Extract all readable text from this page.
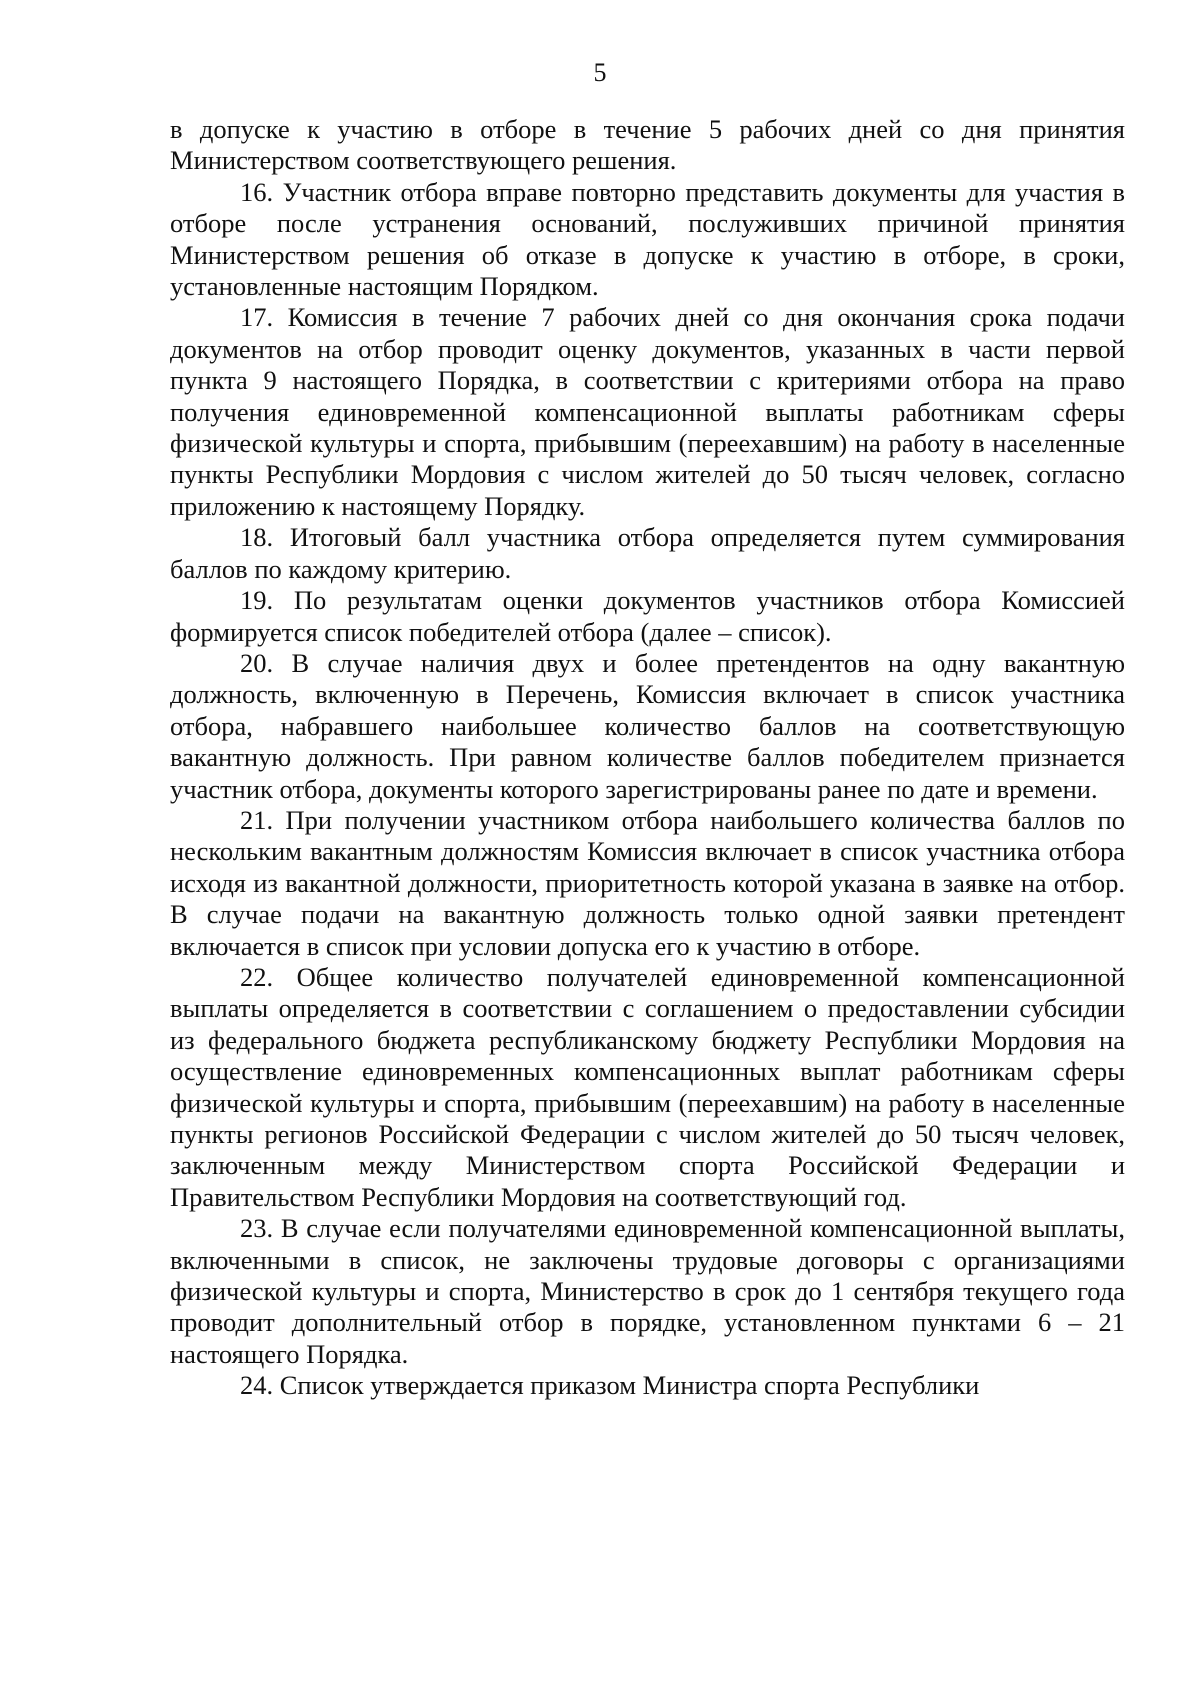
5

в допуске к участию в отборе в течение 5 рабочих дней со дня принятия Министерством соответствующего решения.

16. Участник отбора вправе повторно представить документы для участия в отборе после устранения оснований, послуживших причиной принятия Министерством решения об отказе в допуске к участию в отборе, в сроки, установленные настоящим Порядком.

17. Комиссия в течение 7 рабочих дней со дня окончания срока подачи документов на отбор проводит оценку документов, указанных в части первой пункта 9 настоящего Порядка, в соответствии с критериями отбора на право получения единовременной компенсационной выплаты работникам сферы физической культуры и спорта, прибывшим (переехавшим) на работу в населенные пункты Республики Мордовия с числом жителей до 50 тысяч человек, согласно приложению к настоящему Порядку.

18. Итоговый балл участника отбора определяется путем суммирования баллов по каждому критерию.

19. По результатам оценки документов участников отбора Комиссией формируется список победителей отбора (далее – список).

20. В случае наличия двух и более претендентов на одну вакантную должность, включенную в Перечень, Комиссия включает в список участника отбора, набравшего наибольшее количество баллов на соответствующую вакантную должность. При равном количестве баллов победителем признается участник отбора, документы которого зарегистрированы ранее по дате и времени.

21. При получении участником отбора наибольшего количества баллов по нескольким вакантным должностям Комиссия включает в список участника отбора исходя из вакантной должности, приоритетность которой указана в заявке на отбор. В случае подачи на вакантную должность только одной заявки претендент включается в список при условии допуска его к участию в отборе.

22. Общее количество получателей единовременной компенсационной выплаты определяется в соответствии с соглашением о предоставлении субсидии из федерального бюджета республиканскому бюджету Республики Мордовия на осуществление единовременных компенсационных выплат работникам сферы физической культуры и спорта, прибывшим (переехавшим) на работу в населенные пункты регионов Российской Федерации с числом жителей до 50 тысяч человек, заключенным между Министерством спорта Российской Федерации и Правительством Республики Мордовия на соответствующий год.

23. В случае если получателями единовременной компенсационной выплаты, включенными в список, не заключены трудовые договоры с организациями физической культуры и спорта, Министерство в срок до 1 сентября текущего года проводит дополнительный отбор в порядке, установленном пунктами 6 – 21 настоящего Порядка.

24. Список утверждается приказом Министра спорта Республики
